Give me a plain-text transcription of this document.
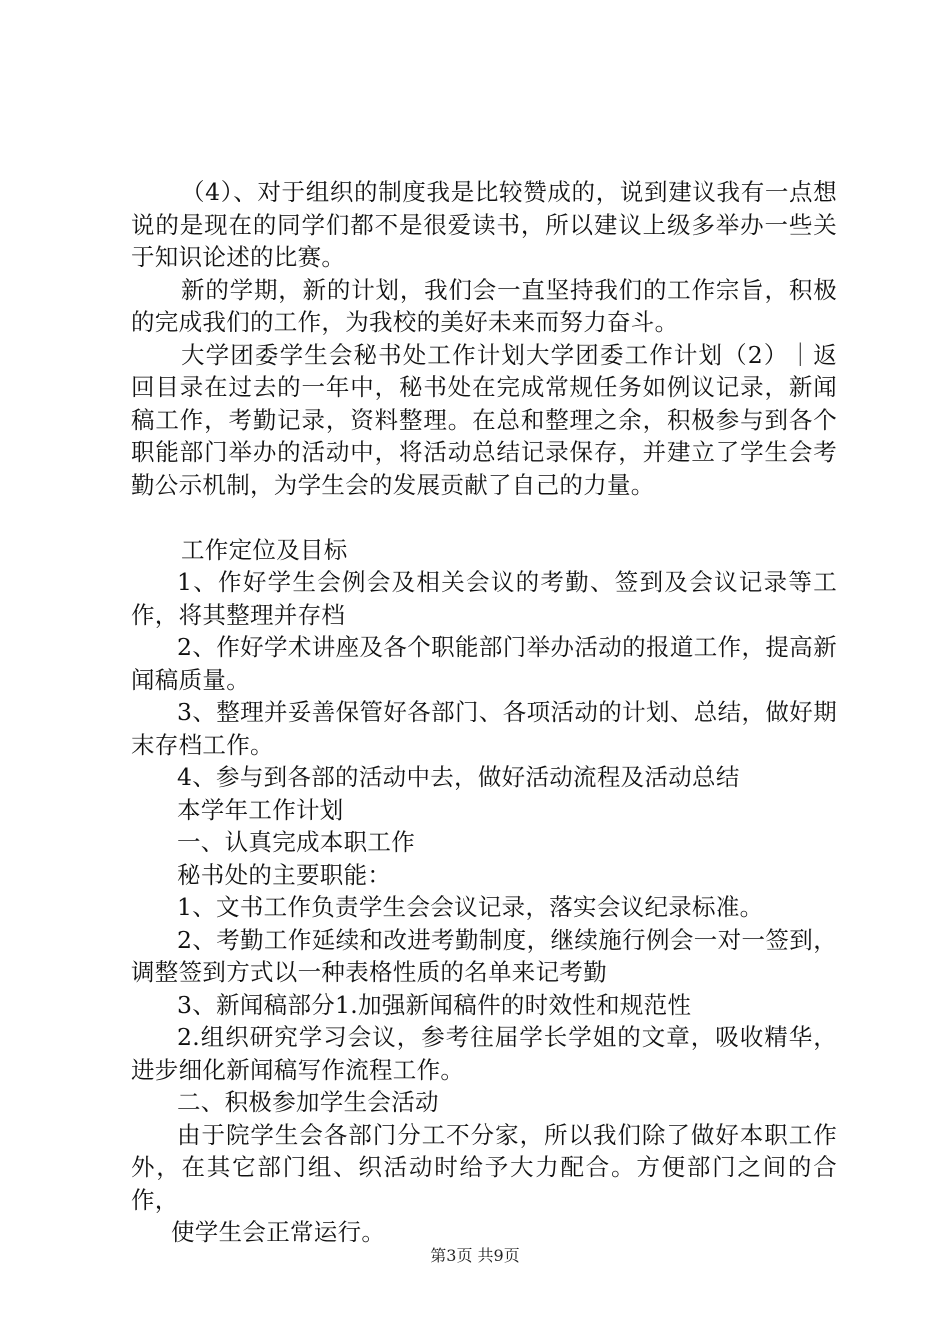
（4）、对于组织的制度我是比较赞成的，说到建议我有一点想说的是现在的同学们都不是很爱读书，所以建议上级多举办一些关于知识论述的比赛。

新的学期，新的计划，我们会一直坚持我们的工作宗旨，积极的完成我们的工作，为我校的美好未来而努力奋斗。

大学团委学生会秘书处工作计划大学团委工作计划（2）｜返回目录在过去的一年中，秘书处在完成常规任务如例议记录，新闻稿工作，考勤记录，资料整理。在总和整理之余，积极参与到各个职能部门举办的活动中，将活动总结记录保存，并建立了学生会考勤公示机制，为学生会的发展贡献了自己的力量。

工作定位及目标

1、作好学生会例会及相关会议的考勤、签到及会议记录等工作，将其整理并存档

2、作好学术讲座及各个职能部门举办活动的报道工作，提高新闻稿质量。

3、整理并妥善保管好各部门、各项活动的计划、总结，做好期末存档工作。

4、参与到各部的活动中去，做好活动流程及活动总结

本学年工作计划

一、认真完成本职工作

秘书处的主要职能：

1、文书工作负责学生会会议记录，落实会议纪录标准。

2、考勤工作延续和改进考勤制度，继续施行例会一对一签到，调整签到方式以一种表格性质的名单来记考勤

3、新闻稿部分1.加强新闻稿件的时效性和规范性

2.组织研究学习会议，参考往届学长学姐的文章，吸收精华，进步细化新闻稿写作流程工作。

二、积极参加学生会活动

由于院学生会各部门分工不分家，所以我们除了做好本职工作外，在其它部门组、织活动时给予大力配合。方便部门之间的合作，

使学生会正常运行。

第3页 共9页
